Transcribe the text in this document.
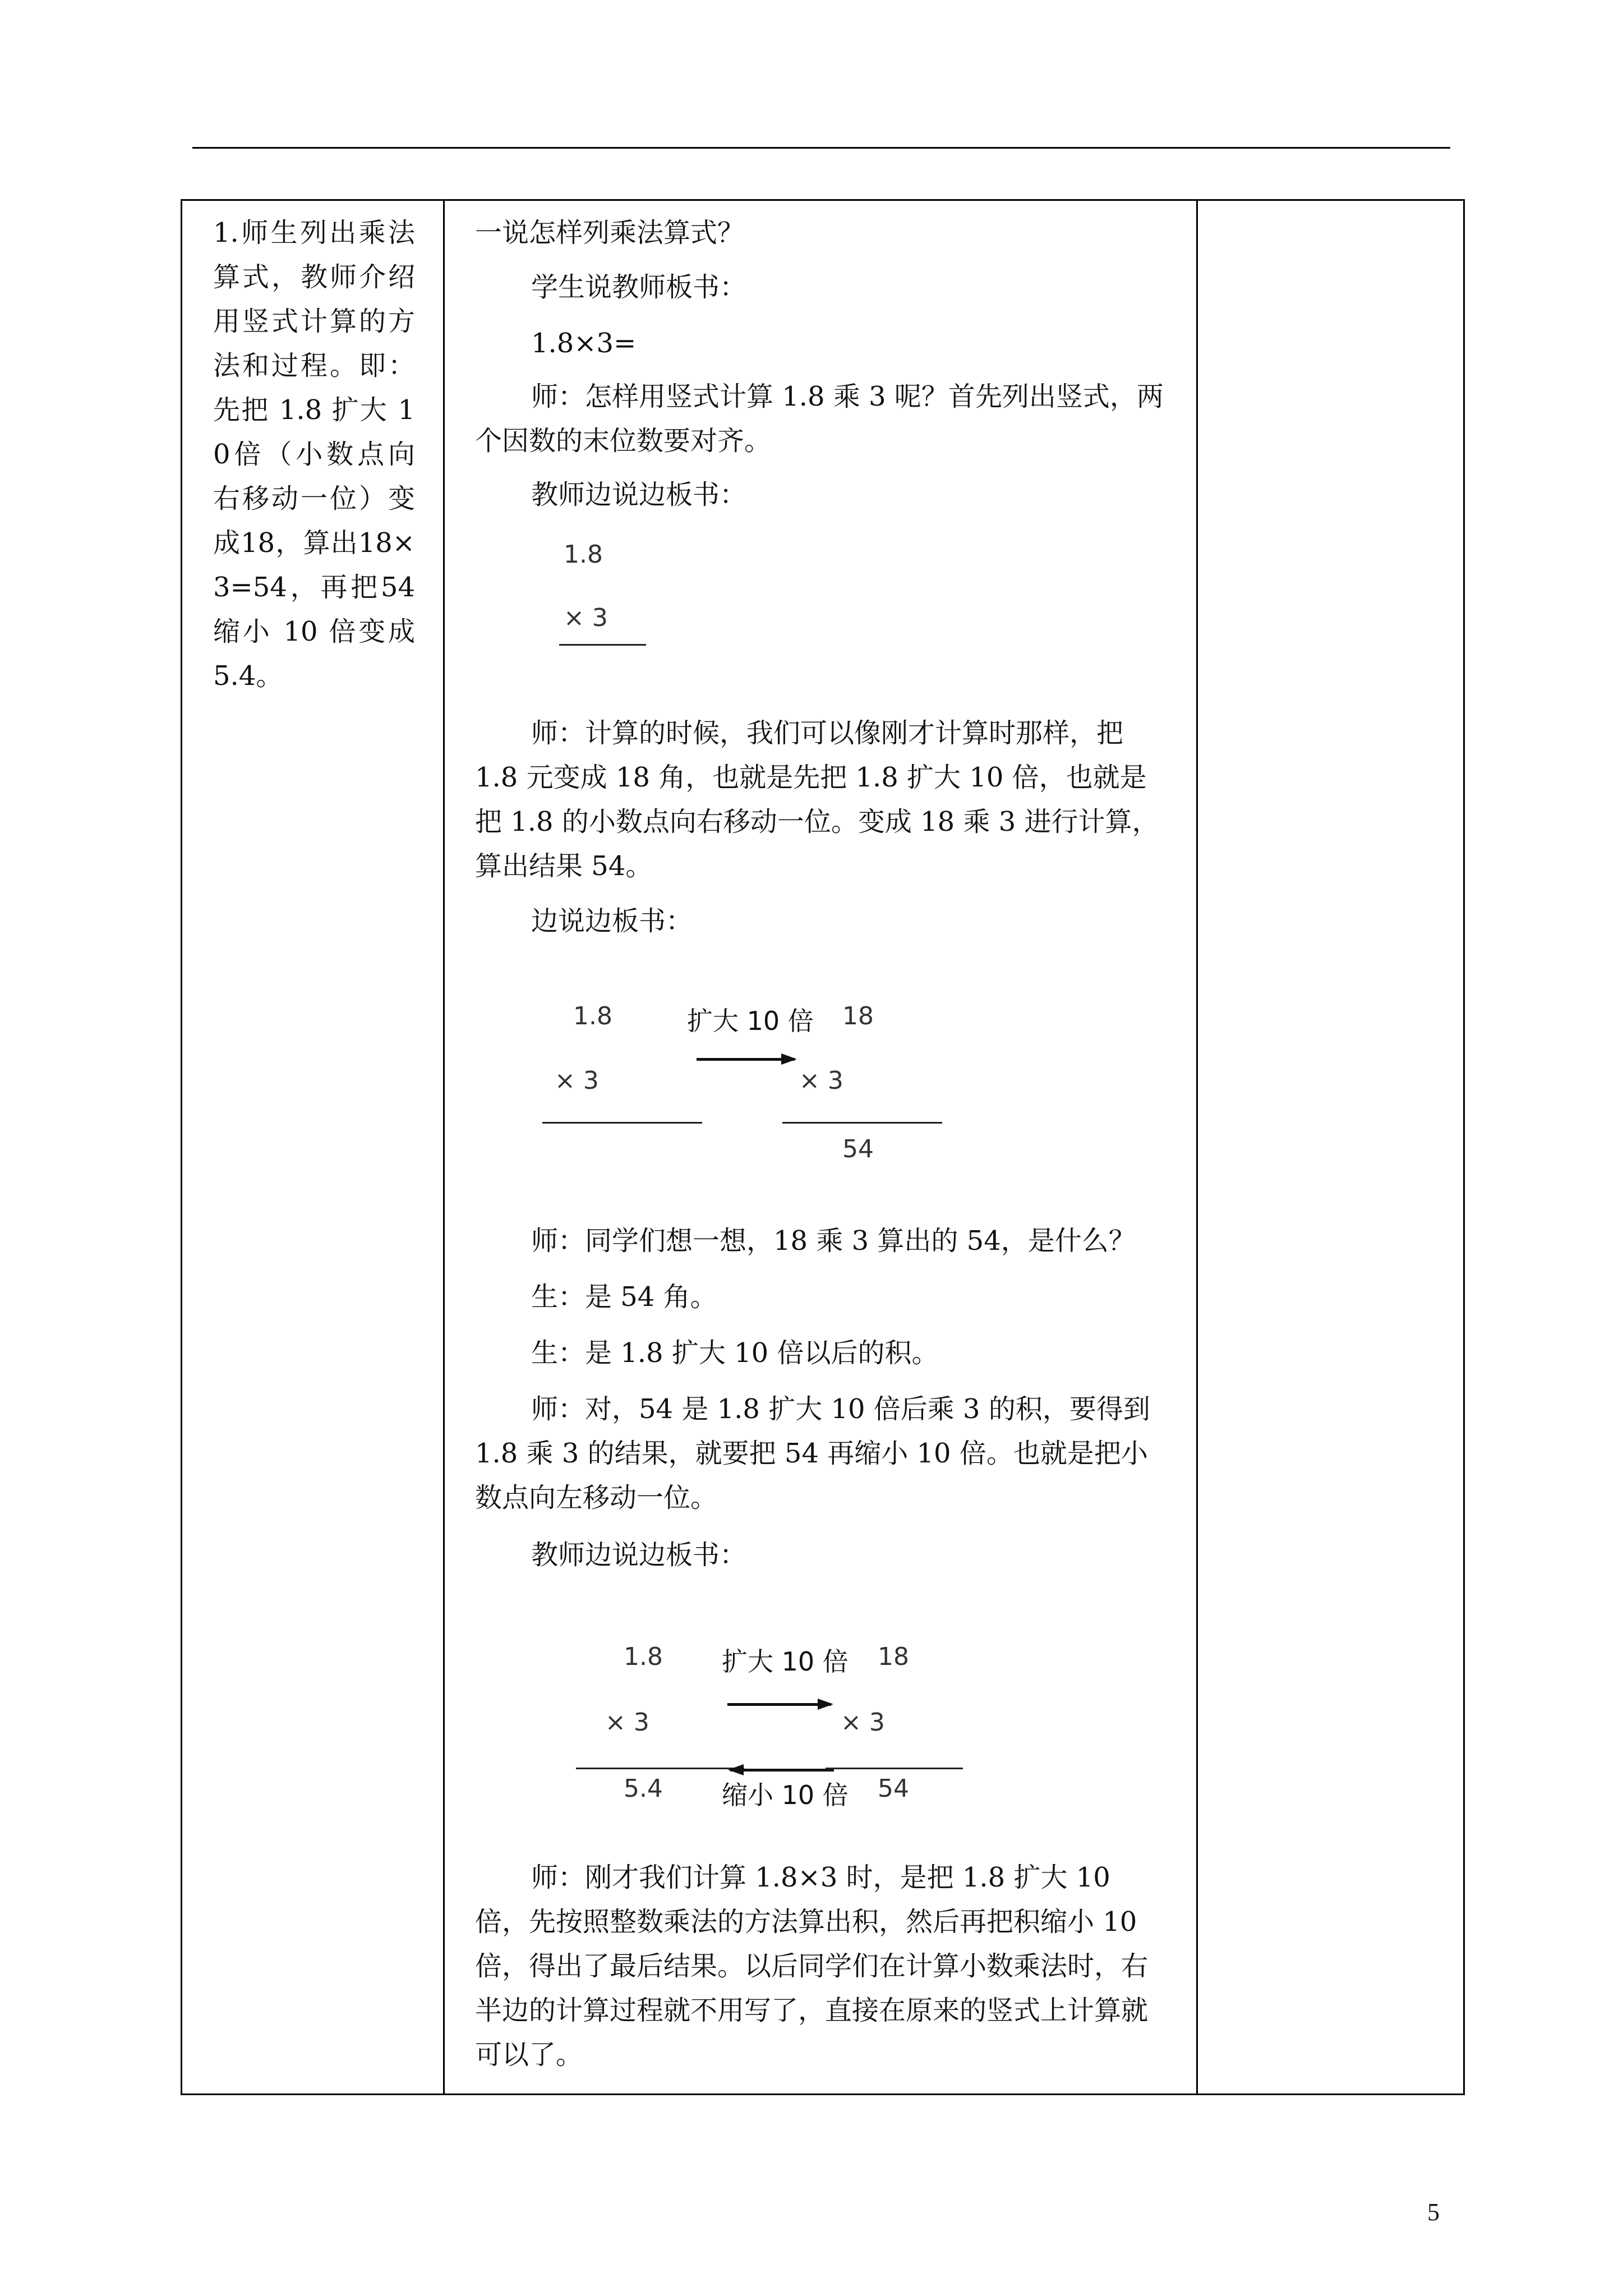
1.师生列出乘法算式，教师介绍用竖式计算的方法和过程。即：先把 1.8 扩大 10倍（小数点向右移动一位）变成18，算出18×3=54，再把54缩小 10 倍变成 5.4。

一说怎样列乘法算式？

学生说教师板书：

1.8×3=

师：怎样用竖式计算 1.8 乘 3 呢？首先列出竖式，两个因数的末位数要对齐。

教师边说边板书：

1.8
× 3

师：计算的时候，我们可以像刚才计算时那样，把 1.8 元变成 18 角，也就是先把 1.8 扩大 10 倍，也就是把 1.8 的小数点向右移动一位。变成 18 乘 3 进行计算，算出结果 54。

边说边板书：

1.8
× 3
扩大 10 倍 18
× 3
54

师：同学们想一想，18 乘 3 算出的 54，是什么？

生：是 54 角。

生：是 1.8 扩大 10 倍以后的积。

师：对，54 是 1.8 扩大 10 倍后乘 3 的积，要得到 1.8 乘 3 的结果，就要把 54 再缩小 10 倍。也就是把小数点向左移动一位。

教师边说边板书：

1.8
× 3
5.4
扩大 10 倍
缩小 10 倍
18
× 3
54

师：刚才我们计算 1.8×3 时，是把 1.8 扩大 10 倍，先按照整数乘法的方法算出积，然后再把积缩小 10 倍，得出了最后结果。以后同学们在计算小数乘法时，右半边的计算过程就不用写了，直接在原来的竖式上计算就可以了。

5
